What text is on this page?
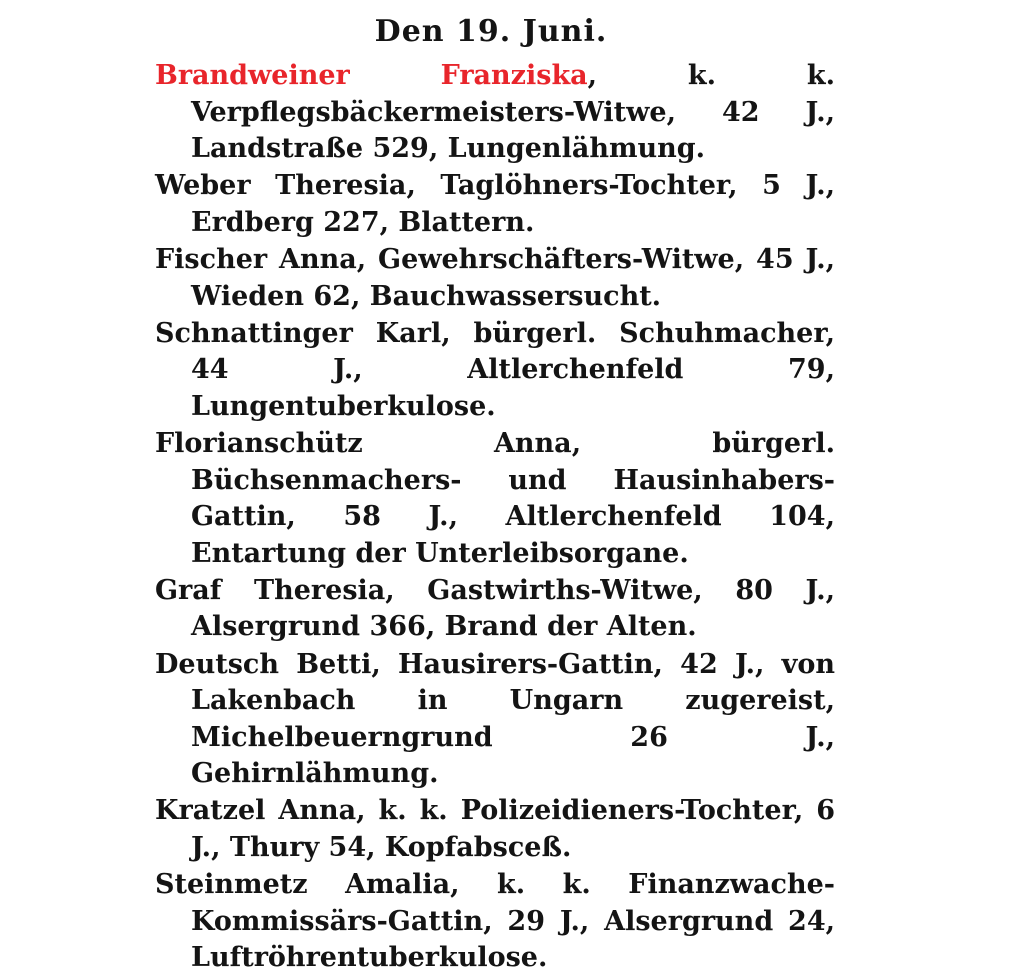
Den 19. Juni.

Brandweiner Franziska, k. k. Verpflegsbäckermeisters-Witwe, 42 J., Landstraße 529, Lungenlähmung.

Weber Theresia, Taglöhners-Tochter, 5 J., Erdberg 227, Blattern.

Fischer Anna, Gewehrschäfters-Witwe, 45 J., Wieden 62, Bauchwassersucht.

Schnattinger Karl, bürgerl. Schuhmacher, 44 J., Altlerchenfeld 79, Lungentuberkulose.

Florianschütz Anna, bürgerl. Büchsenmachers- und Hausinhabers-Gattin, 58 J., Altlerchenfeld 104, Entartung der Unterleibsorgane.

Graf Theresia, Gastwirths-Witwe, 80 J., Alsergrund 366, Brand der Alten.

Deutsch Betti, Hausirers-Gattin, 42 J., von Lakenbach in Ungarn zugereist, Michelbeuerngrund 26 J., Gehirnlähmung.

Kratzel Anna, k. k. Polizeidieners-Tochter, 6 J., Thury 54, Kopfabsceß.

Steinmetz Amalia, k. k. Finanzwache-Kommissärs-Gattin, 29 J., Alsergrund 24, Luftröhrentuberkulose.
